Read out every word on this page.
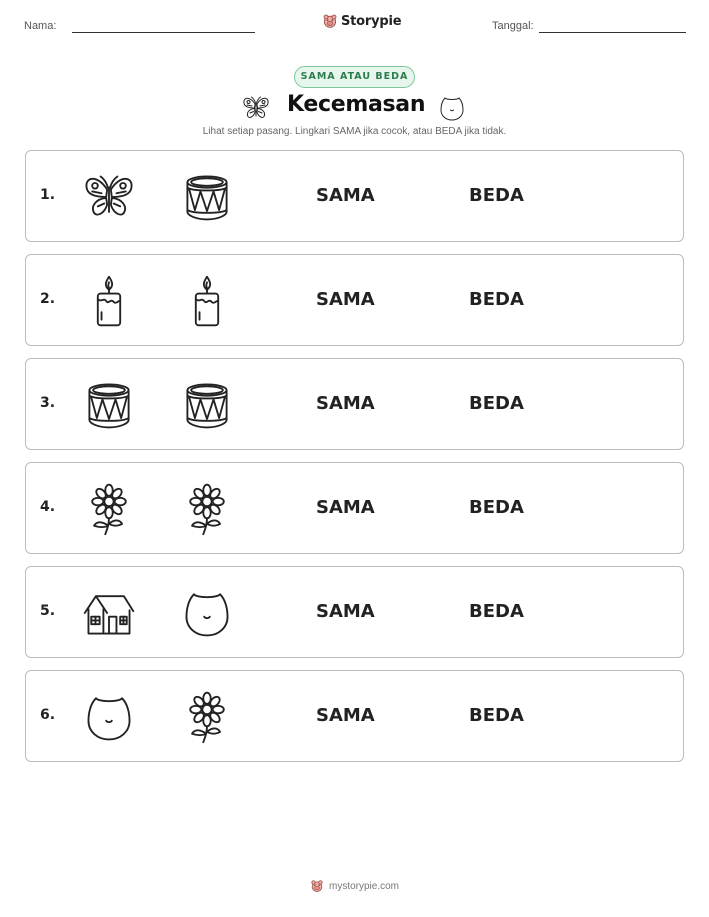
Nama:	Storypie	Tanggal:
SAMA ATAU BEDA
Kecemasan
Lihat setiap pasang. Lingkari SAMA jika cocok, atau BEDA jika tidak.
1.	SAMA	BEDA
2.	SAMA	BEDA
3.	SAMA	BEDA
4.	SAMA	BEDA
5.	SAMA	BEDA
6.	SAMA	BEDA
mystorypie.com
